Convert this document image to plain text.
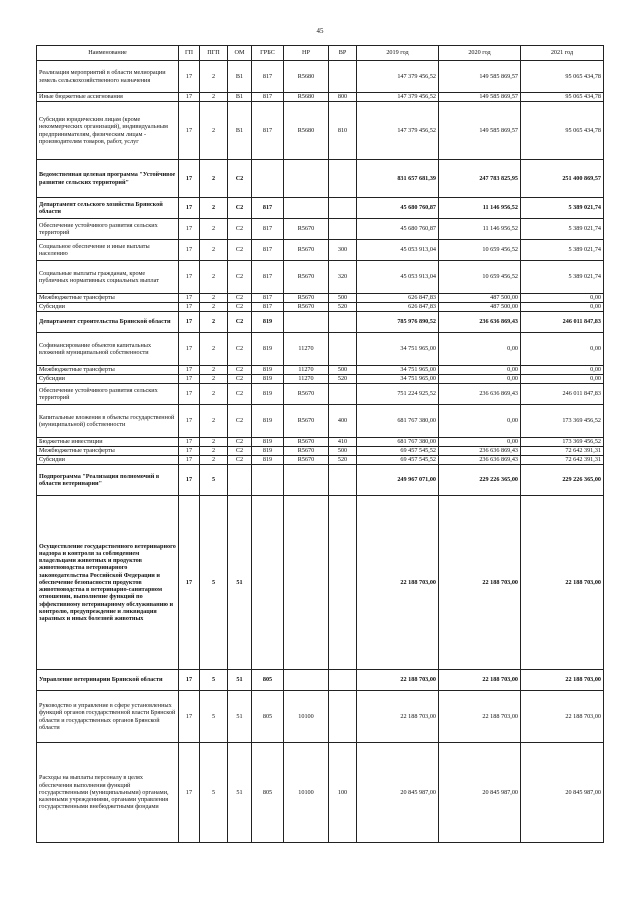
45
Наименование	ГП	ПГП	ОМ	ГРБС	НР	ВР	2019 год	2020 год	2021 год
Реализация мероприятий в области мелиорации земель сельскохозяйственного назначения	17	2	В1	817	R5680		147 379 456,52	149 585 869,57	95 065 434,78
Иные бюджетные ассигнования	17	2	В1	817	R5680	800	147 379 456,52	149 585 869,57	95 065 434,78
Субсидии юридическим лицам (кроме некоммерческих организаций), индивидуальным предпринимателям, физическим лицам - производителям товаров, работ, услуг	17	2	В1	817	R5680	810	147 379 456,52	149 585 869,57	95 065 434,78
Ведомственная целевая программа "Устойчивое развитие сельских территорий"	17	2	С2				831 657 681,39	247 783 825,95	251 400 869,57
Департамент сельского хозяйства Брянской области	17	2	С2	817			45 680 760,87	11 146 956,52	5 389 021,74
Обеспечение устойчивого развития сельских территорий	17	2	С2	817	R5670		45 680 760,87	11 146 956,52	5 389 021,74
Социальное обеспечение и иные выплаты населению	17	2	С2	817	R5670	300	45 053 913,04	10 659 456,52	5 389 021,74
Социальные выплаты гражданам, кроме публичных нормативных социальных выплат	17	2	С2	817	R5670	320	45 053 913,04	10 659 456,52	5 389 021,74
Межбюджетные трансферты	17	2	С2	817	R5670	500	626 847,83	487 500,00	0,00
Субсидии	17	2	С2	817	R5670	520	626 847,83	487 500,00	0,00
Департамент строительства Брянской области	17	2	С2	819			785 976 890,52	236 636 869,43	246 011 847,83
Софинансирование объектов капитальных вложений муниципальной собственности	17	2	С2	819	11270		34 751 965,00	0,00	0,00
Межбюджетные трансферты	17	2	С2	819	11270	500	34 751 965,00	0,00	0,00
Субсидии	17	2	С2	819	11270	520	34 751 965,00	0,00	0,00
Обеспечение устойчивого развития сельских территорий	17	2	С2	819	R5670		751 224 925,52	236 636 869,43	246 011 847,83
Капитальные вложения в объекты государственной (муниципальной) собственности	17	2	С2	819	R5670	400	681 767 380,00	0,00	173 369 456,52
Бюджетные инвестиции	17	2	С2	819	R5670	410	681 767 380,00	0,00	173 369 456,52
Межбюджетные трансферты	17	2	С2	819	R5670	500	69 457 545,52	236 636 869,43	72 642 391,31
Субсидии	17	2	С2	819	R5670	520	69 457 545,52	236 636 869,43	72 642 391,31
Подпрограмма "Реализация полномочий в области ветеринарии"	17	5					249 967 071,00	229 226 365,00	229 226 365,00
Осуществление государственного ветеринарного надзора и контроля за соблюдением владельцами животных и продуктов животноводства ветеринарного законодательства Российской Федерации и обеспечение безопасности продуктов животноводства в ветеринарно-санитарном отношении, выполнение функций по эффективному ветеринарному обслуживанию и контролю, предупреждение и ликвидация заразных и иных болезней животных	17	5	51				22 188 703,00	22 188 703,00	22 188 703,00
Управление ветеринарии Брянской области	17	5	51	805			22 188 703,00	22 188 703,00	22 188 703,00
Руководство и управление в сфере установленных функций органов государственной власти Брянской области и государственных органов Брянской области	17	5	51	805	10100		22 188 703,00	22 188 703,00	22 188 703,00
Расходы на выплаты персоналу в целях обеспечения выполнения функций государственными (муниципальными) органами, казенными учреждениями, органами управления государственными внебюджетными фондами	17	5	51	805	10100	100	20 845 987,00	20 845 987,00	20 845 987,00
